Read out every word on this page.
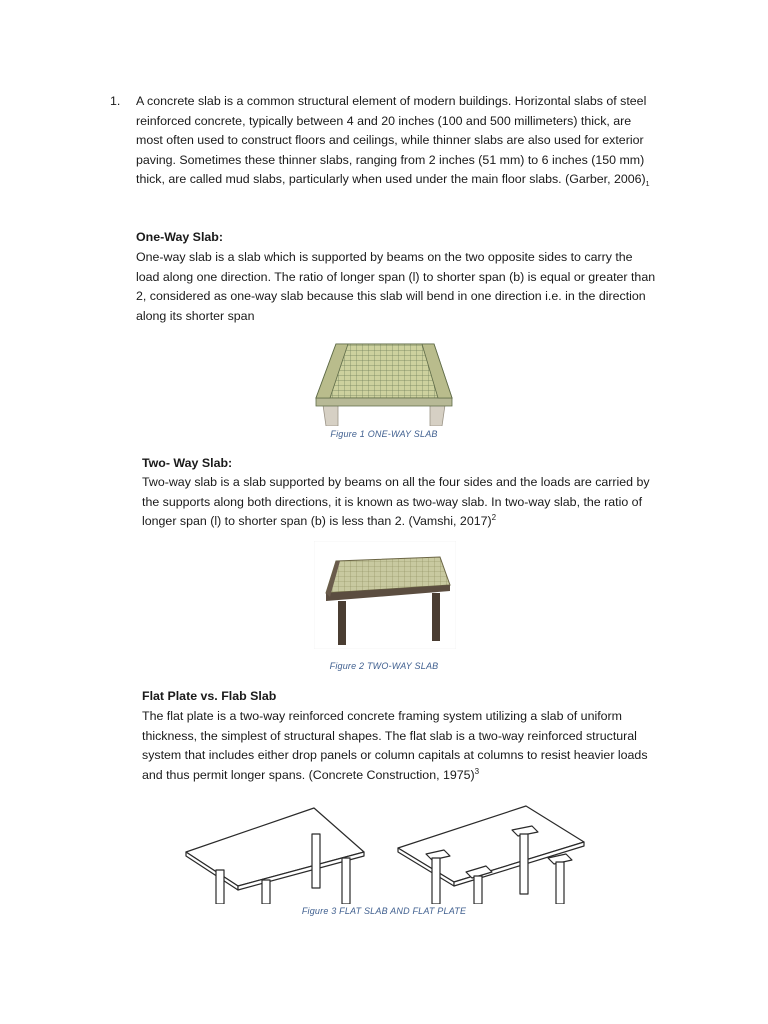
1. A concrete slab is a common structural element of modern buildings. Horizontal slabs of steel reinforced concrete, typically between 4 and 20 inches (100 and 500 millimeters) thick, are most often used to construct floors and ceilings, while thinner slabs are also used for exterior paving. Sometimes these thinner slabs, ranging from 2 inches (51 mm) to 6 inches (150 mm) thick, are called mud slabs, particularly when used under the main floor slabs. (Garber, 2006)$^1$
One-Way Slab:
One-way slab is a slab which is supported by beams on the two opposite sides to carry the load along one direction. The ratio of longer span (l) to shorter span (b) is equal or greater than 2, considered as one-way slab because this slab will bend in one direction i.e. in the direction along its shorter span
Figure 1 ONE-WAY SLAB
Two- Way Slab:
Two-way slab is a slab supported by beams on all the four sides and the loads are carried by the supports along both directions, it is known as two-way slab. In two-way slab, the ratio of longer span (l) to shorter span (b) is less than 2. (Vamshi, 2017)$^2$
Figure 2 TWO-WAY SLAB
Flat Plate vs. Flab Slab
The flat plate is a two-way reinforced concrete framing system utilizing a slab of uniform thickness, the simplest of structural shapes. The flat slab is a two-way reinforced structural system that includes either drop panels or column capitals at columns to resist heavier loads and thus permit longer spans. (Concrete Construction, 1975)$^3$
Figure 3 FLAT SLAB AND FLAT PLATE
